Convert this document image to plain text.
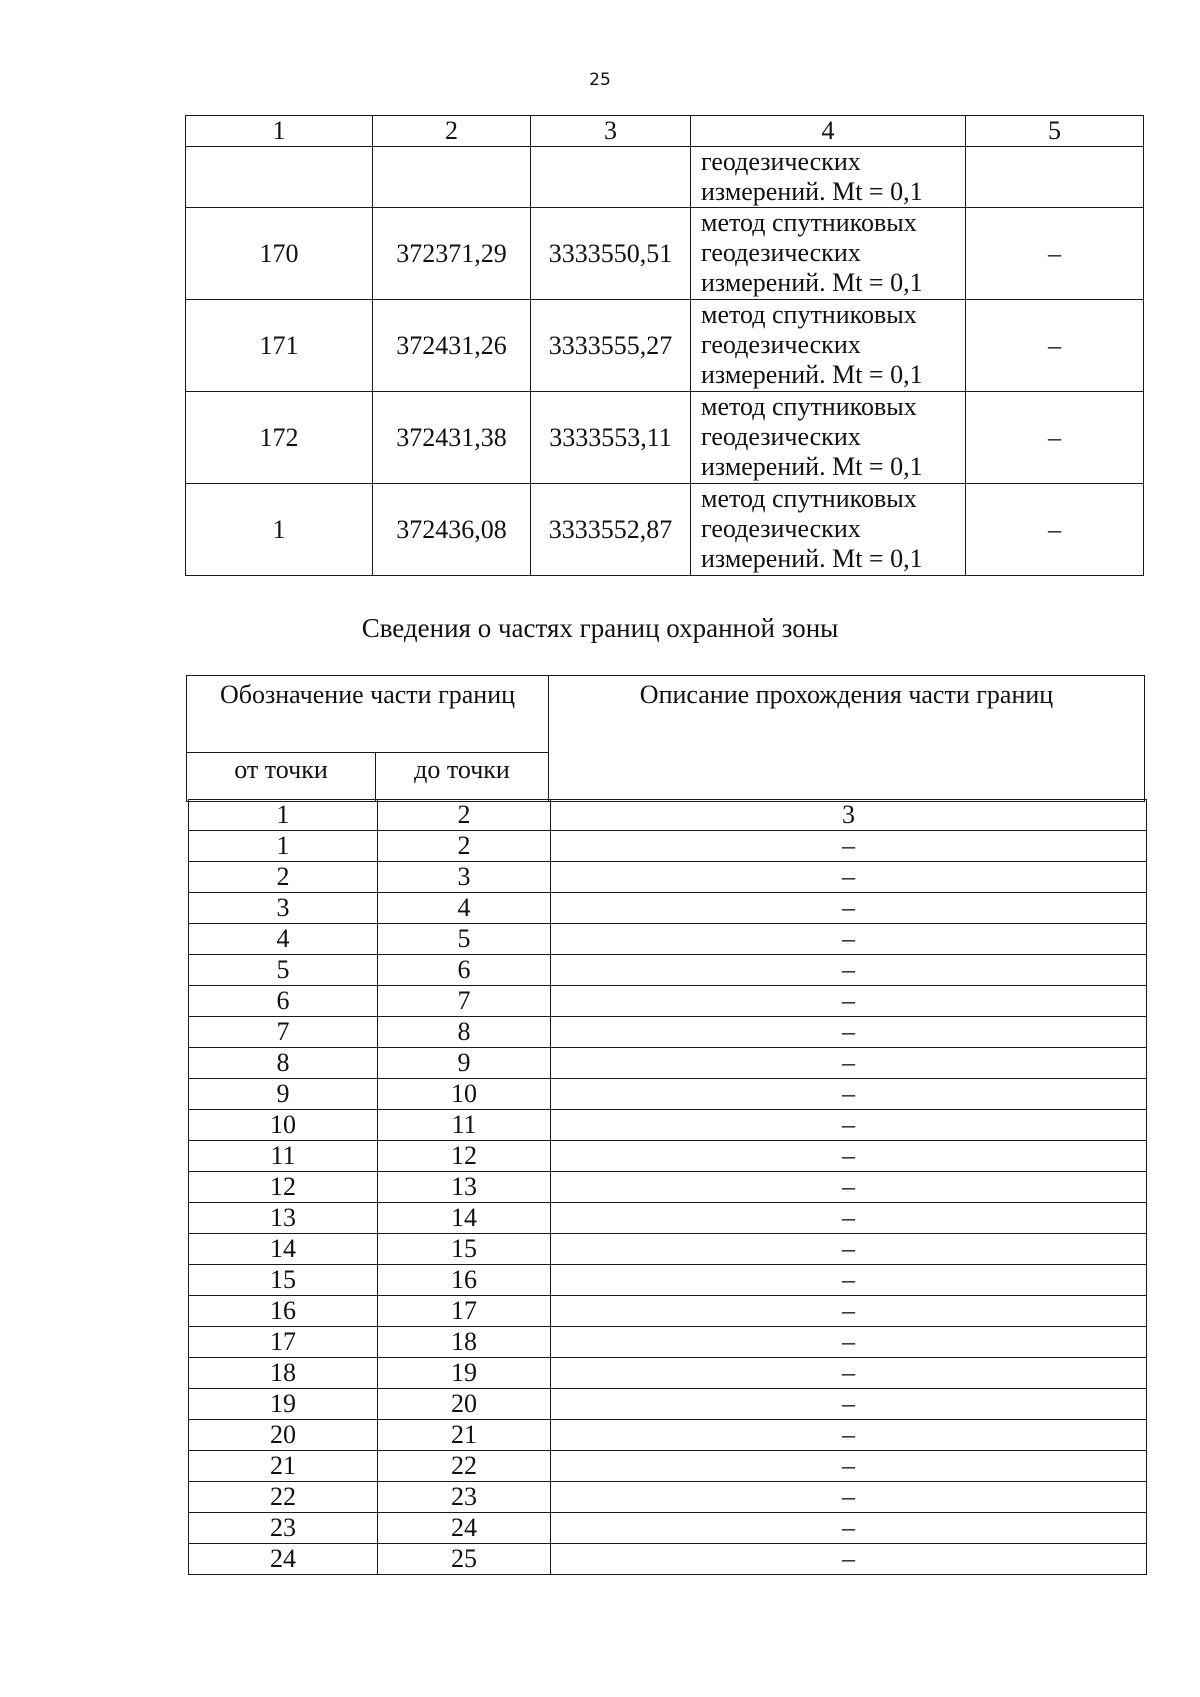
25
1	2	3	4	5

			геодезических
измерений. Mt = 0,1	

170	372371,29	3333550,51	метод спутниковых
геодезических
измерений. Mt = 0,1	–
171	372431,26	3333555,27	метод спутниковых
геодезических
измерений. Mt = 0,1	–
172	372431,38	3333553,11	метод спутниковых
геодезических
измерений. Mt = 0,1	–
1	372436,08	3333552,87	метод спутниковых
геодезических
измерений. Mt = 0,1	–
Сведения о частях границ охранной зоны
Обозначение части границ		Описание прохождения части границ
от точки	до точки	
1	2	3
1	2	–
2	3	–
3	4	–
4	5	–
5	6	–
6	7	–
7	8	–
8	9	–
9	10	–
10	11	–
11	12	–
12	13	–
13	14	–
14	15	–
15	16	–
16	17	–
17	18	–
18	19	–
19	20	–
20	21	–
21	22	–
22	23	–
23	24	–
24	25	–
